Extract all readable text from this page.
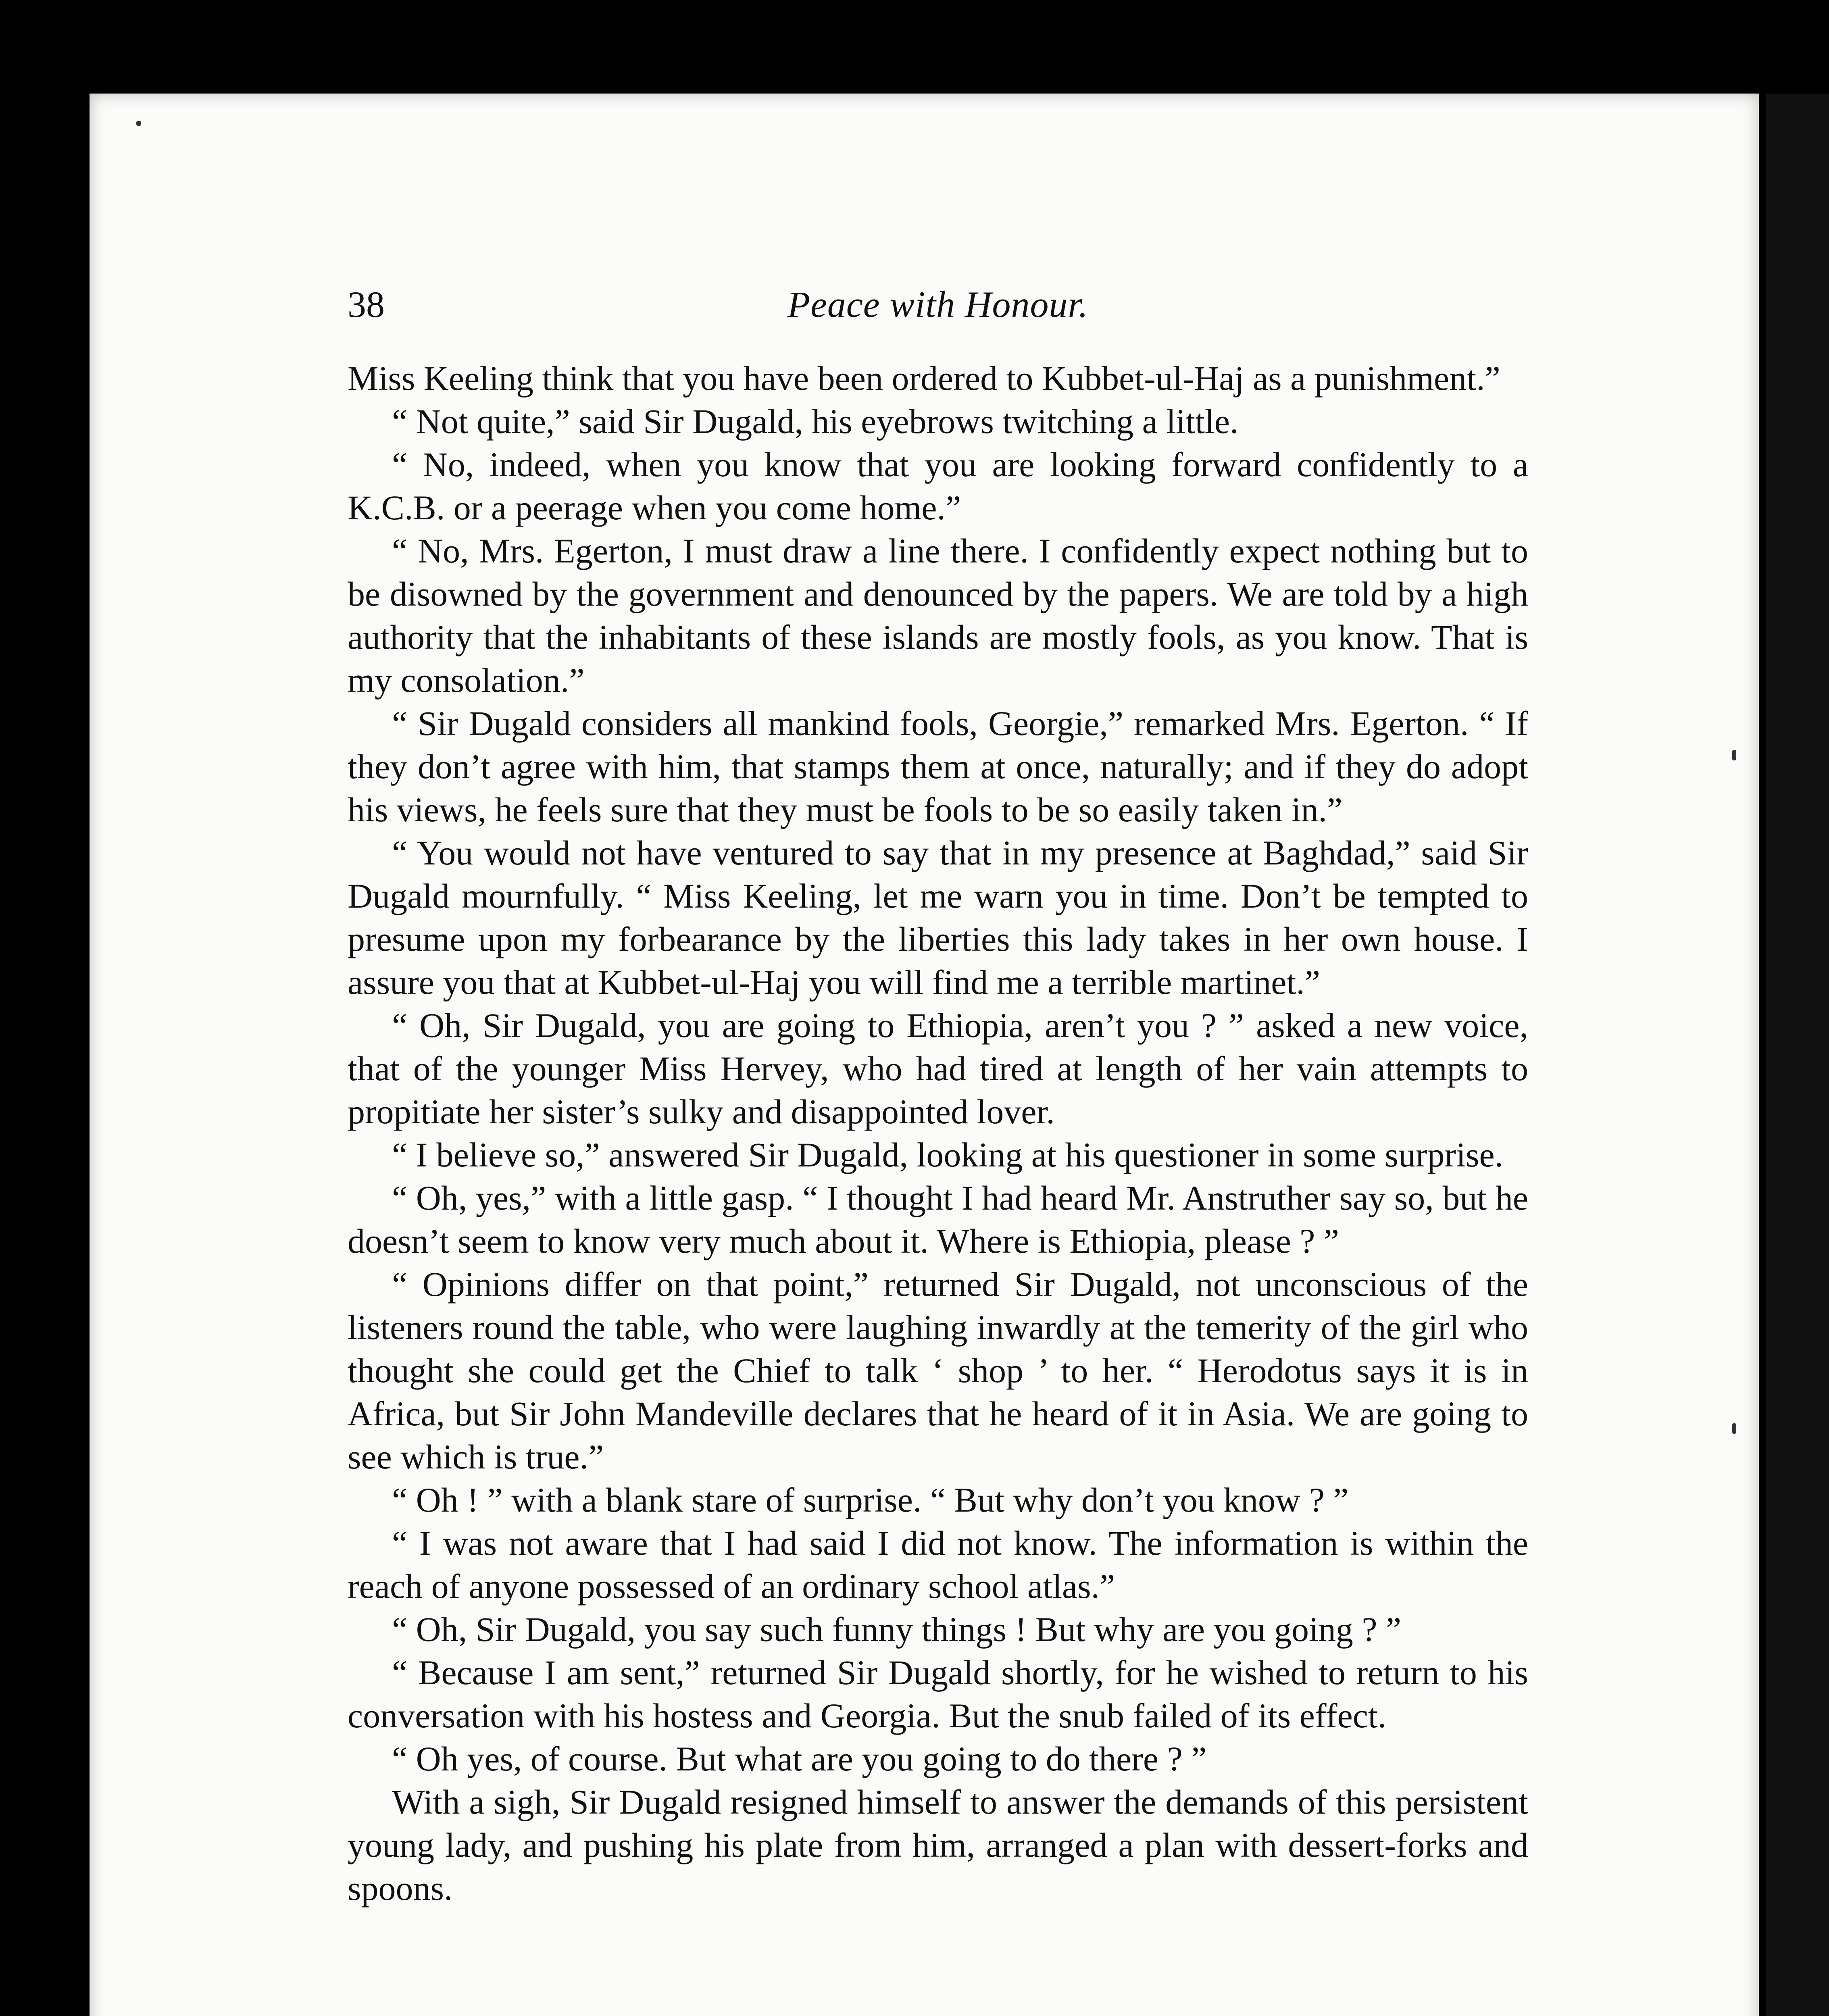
Peace with Honour.
38

Miss Keeling think that you have been ordered to Kubbet-ul-Haj as a punishment.”

“ Not quite,” said Sir Dugald, his eyebrows twitching a little.

“ No, indeed, when you know that you are looking forward confidently to a K.C.B. or a peerage when you come home.”

“ No, Mrs. Egerton, I must draw a line there. I confidently expect nothing but to be disowned by the government and denounced by the papers. We are told by a high authority that the inhabitants of these islands are mostly fools, as you know. That is my consolation.”

“ Sir Dugald considers all mankind fools, Georgie,” remarked Mrs. Egerton. “ If they don’t agree with him, that stamps them at once, naturally; and if they do adopt his views, he feels sure that they must be fools to be so easily taken in.”

“ You would not have ventured to say that in my presence at Baghdad,” said Sir Dugald mournfully. “ Miss Keeling, let me warn you in time. Don’t be tempted to presume upon my forbearance by the liberties this lady takes in her own house. I assure you that at Kubbet-ul-Haj you will find me a terrible martinet.”

“ Oh, Sir Dugald, you are going to Ethiopia, aren’t you ? ” asked a new voice, that of the younger Miss Hervey, who had tired at length of her vain attempts to propitiate her sister’s sulky and disappointed lover.

“ I believe so,” answered Sir Dugald, looking at his questioner in some surprise.

“ Oh, yes,” with a little gasp. “ I thought I had heard Mr. Anstruther say so, but he doesn’t seem to know very much about it. Where is Ethiopia, please ? ”

“ Opinions differ on that point,” returned Sir Dugald, not unconscious of the listeners round the table, who were laughing inwardly at the temerity of the girl who thought she could get the Chief to talk ‘ shop ’ to her. “ Herodotus says it is in Africa, but Sir John Mandeville declares that he heard of it in Asia. We are going to see which is true.”

“ Oh ! ” with a blank stare of surprise. “ But why don’t you know ? ”

“ I was not aware that I had said I did not know. The information is within the reach of anyone possessed of an ordinary school atlas.”

“ Oh, Sir Dugald, you say such funny things ! But why are you going ? ”

“ Because I am sent,” returned Sir Dugald shortly, for he wished to return to his conversation with his hostess and Georgia. But the snub failed of its effect.

“ Oh yes, of course. But what are you going to do there ? ”

With a sigh, Sir Dugald resigned himself to answer the demands of this persistent young lady, and pushing his plate from him, arranged a plan with dessert-forks and spoons.
